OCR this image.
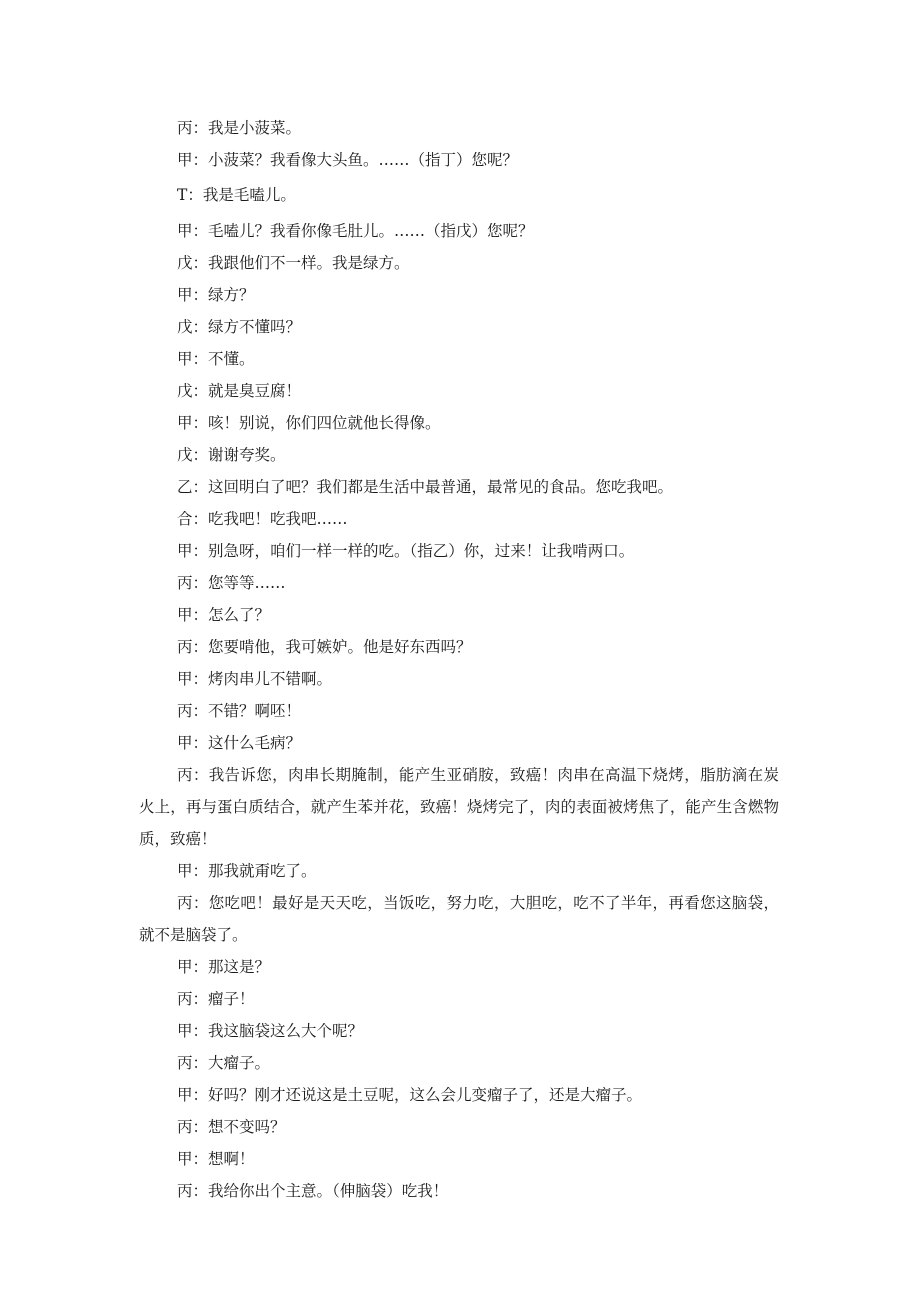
丙：我是小菠菜。
甲：小菠菜？我看像大头鱼。……（指丁）您呢？
T：我是毛嗑儿。
甲：毛嗑儿？我看你像毛肚儿。……（指戊）您呢？
戊：我跟他们不一样。我是绿方。
甲：绿方？
戊：绿方不懂吗？
甲：不懂。
戊：就是臭豆腐！
甲：咳！别说，你们四位就他长得像。
戊：谢谢夸奖。
乙：这回明白了吧？我们都是生活中最普通，最常见的食品。您吃我吧。
合：吃我吧！吃我吧……
甲：别急呀，咱们一样一样的吃。（指乙）你，过来！让我啃两口。
丙：您等等……
甲：怎么了？
丙：您要啃他，我可嫉妒。他是好东西吗？
甲：烤肉串儿不错啊。
丙：不错？啊呸！
甲：这什么毛病？
丙：我告诉您，肉串长期腌制，能产生亚硝胺，致癌！肉串在高温下烧烤，脂肪滴在炭火上，再与蛋白质结合，就产生苯并花，致癌！烧烤完了，肉的表面被烤焦了，能产生含燃物质，致癌！
甲：那我就甭吃了。
丙：您吃吧！最好是天天吃，当饭吃，努力吃，大胆吃，吃不了半年，再看您这脑袋，就不是脑袋了。
甲：那这是？
丙：瘤子！
甲：我这脑袋这么大个呢？
丙：大瘤子。
甲：好吗？刚才还说这是土豆呢，这么会儿变瘤子了，还是大瘤子。
丙：想不变吗？
甲：想啊！
丙：我给你出个主意。（伸脑袋）吃我！
